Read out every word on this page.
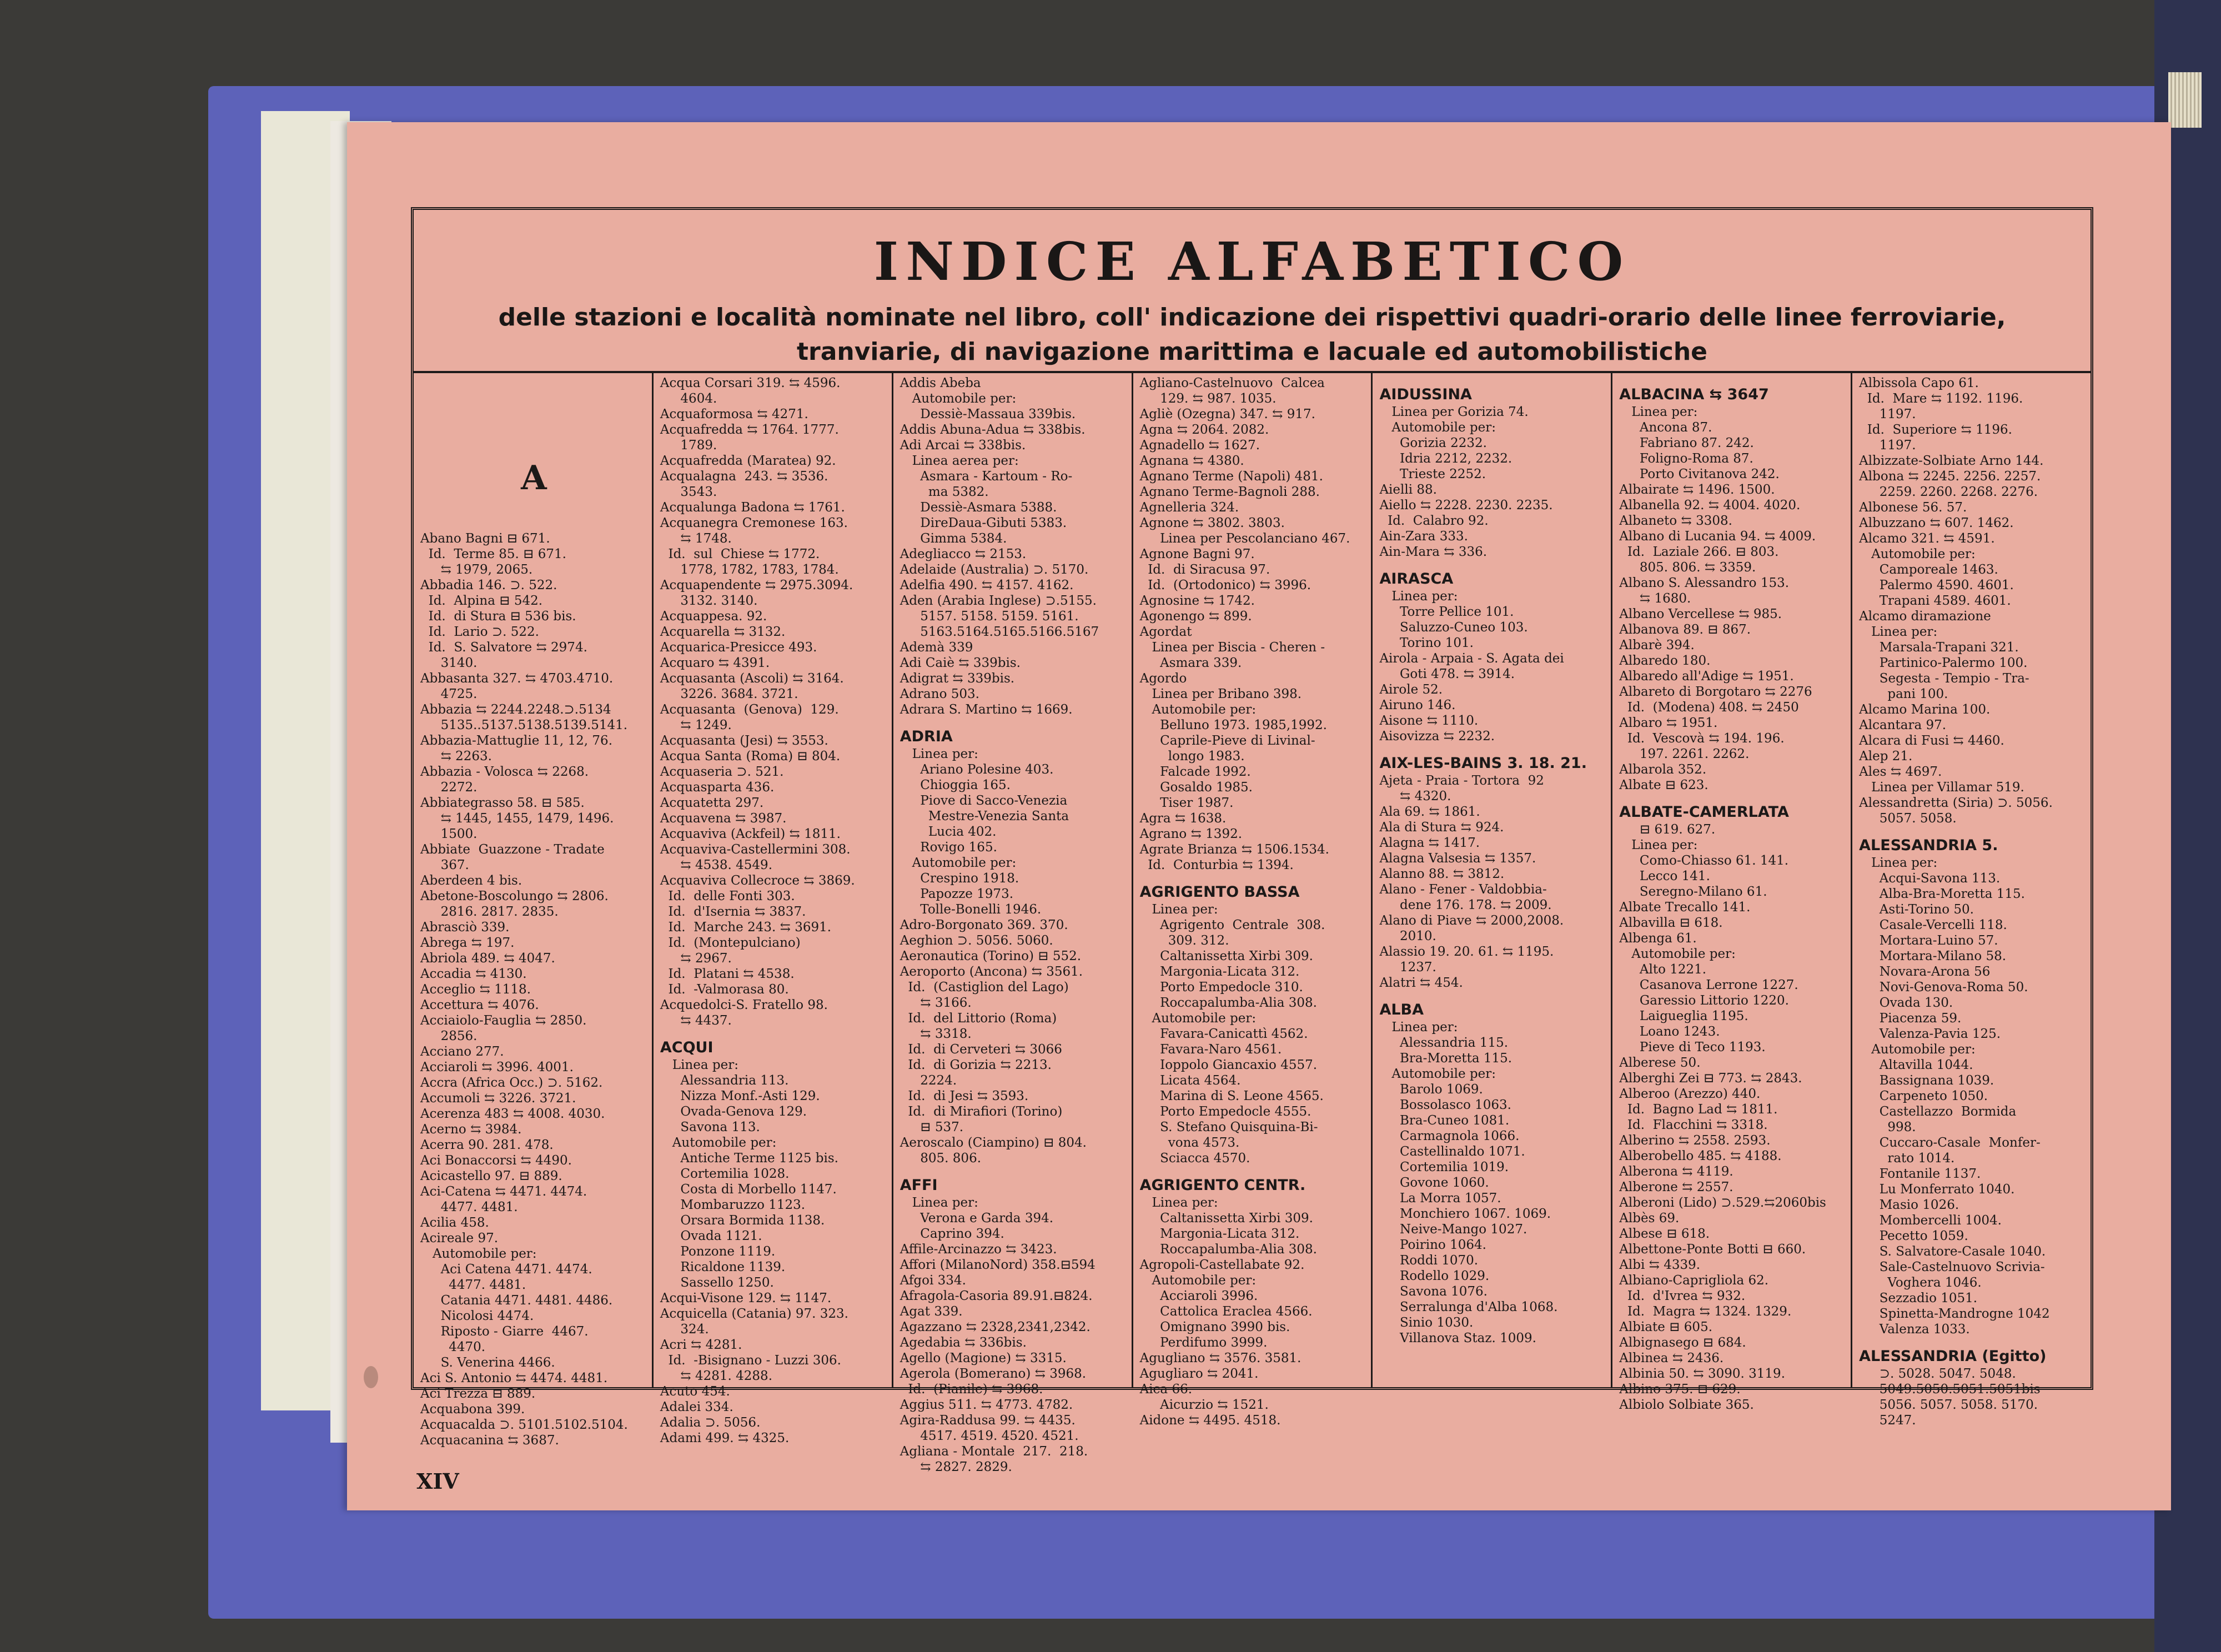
INDICE ALFABETICO
delle stazioni e località nominate nel libro, coll' indicazione dei rispettivi quadri-orario delle linee ferroviarie,
tranviarie, di navigazione marittima e lacuale ed automobilistiche

A

Abano Bagni ⊟ 671.

Id.  Terme 85. ⊟ 671.

⇆ 1979, 2065.

Abbadia 146. ⊃. 522.

Id.  Alpina ⊟ 542.

Id.  di Stura ⊟ 536 bis.

Id.  Lario ⊃. 522.

Id.  S. Salvatore ⇆ 2974.

3140.

Abbasanta 327. ⇆ 4703.4710.

4725.

Abbazia ⇆ 2244.2248.⊃.5134

5135..5137.5138.5139.5141.

Abbazia-Mattuglie 11, 12, 76.

⇆ 2263.

Abbazia - Volosca ⇆ 2268.

2272.

Abbiategrasso 58. ⊟ 585.

⇆ 1445, 1455, 1479, 1496.

1500.

Abbiate  Guazzone - Tradate

367.

Aberdeen 4 bis.

Abetone-Boscolungo ⇆ 2806.

2816. 2817. 2835.

Abrasciò 339.

Abrega ⇆ 197.

Abriola 489. ⇆ 4047.

Accadia ⇆ 4130.

Acceglio ⇆ 1118.

Accettura ⇆ 4076.

Acciaiolo-Fauglia ⇆ 2850.

2856.

Acciano 277.

Acciaroli ⇆ 3996. 4001.

Accra (Africa Occ.) ⊃. 5162.

Accumoli ⇆ 3226. 3721.

Acerenza 483 ⇆ 4008. 4030.

Acerno ⇆ 3984.

Acerra 90. 281. 478.

Aci Bonaccorsi ⇆ 4490.

Acicastello 97. ⊟ 889.

Aci-Catena ⇆ 4471. 4474.

4477. 4481.

Acilia 458.

Acireale 97.

Automobile per:

Aci Catena 4471. 4474.

4477. 4481.

Catania 4471. 4481. 4486.

Nicolosi 4474.

Riposto - Giarre  4467.

4470.

S. Venerina 4466.

Aci S. Antonio ⇆ 4474. 4481.

Aci Trezza ⊟ 889.

Acquabona 399.

Acquacalda ⊃. 5101.5102.5104.

Acquacanina ⇆ 3687.

Acqua Corsari 319. ⇆ 4596.

4604.

Acquaformosa ⇆ 4271.

Acquafredda ⇆ 1764. 1777.

1789.

Acquafredda (Maratea) 92.

Acqualagna  243. ⇆ 3536.

3543.

Acqualunga Badona ⇆ 1761.

Acquanegra Cremonese 163.

⇆ 1748.

Id.  sul  Chiese ⇆ 1772.

1778, 1782, 1783, 1784.

Acquapendente ⇆ 2975.3094.

3132. 3140.

Acquappesa. 92.

Acquarella ⇆ 3132.

Acquarica-Presicce 493.

Acquaro ⇆ 4391.

Acquasanta (Ascoli) ⇆ 3164.

3226. 3684. 3721.

Acquasanta  (Genova)  129.

⇆ 1249.

Acquasanta (Jesi) ⇆ 3553.

Acqua Santa (Roma) ⊟ 804.

Acquaseria ⊃. 521.

Acquasparta 436.

Acquatetta 297.

Acquavena ⇆ 3987.

Acquaviva (Ackfeil) ⇆ 1811.

Acquaviva-Castellermini 308.

⇆ 4538. 4549.

Acquaviva Collecroce ⇆ 3869.

Id.  delle Fonti 303.

Id.  d'Isernia ⇆ 3837.

Id.  Marche 243. ⇆ 3691.

Id.  (Montepulciano)

⇆ 2967.

Id.  Platani ⇆ 4538.

Id.  -Valmorasa 80.

Acquedolci-S. Fratello 98.

⇆ 4437.

ACQUI

Linea per:

Alessandria 113.

Nizza Monf.-Asti 129.

Ovada-Genova 129.

Savona 113.

Automobile per:

Antiche Terme 1125 bis.

Cortemilia 1028.

Costa di Morbello 1147.

Mombaruzzo 1123.

Orsara Bormida 1138.

Ovada 1121.

Ponzone 1119.

Ricaldone 1139.

Sassello 1250.

Acqui-Visone 129. ⇆ 1147.

Acquicella (Catania) 97. 323.

324.

Acri ⇆ 4281.

Id.  -Bisignano - Luzzi 306.

⇆ 4281. 4288.

Acuto 454.

Adalei 334.

Adalia ⊃. 5056.

Adami 499. ⇆ 4325.

Addis Abeba

Automobile per:

Dessiè-Massaua 339bis.

Addis Abuna-Adua ⇆ 338bis.

Adi Arcai ⇆ 338bis.

Linea aerea per:

Asmara - Kartoum - Ro-

ma 5382.

Dessiè-Asmara 5388.

DireDaua-Gibuti 5383.

Gimma 5384.

Adegliacco ⇆ 2153.

Adelaide (Australia) ⊃. 5170.

Adelfia 490. ⇆ 4157. 4162.

Aden (Arabia Inglese) ⊃.5155.

5157. 5158. 5159. 5161.

5163.5164.5165.5166.5167

Ademà 339

Adi Caiè ⇆ 339bis.

Adigrat ⇆ 339bis.

Adrano 503.

Adrara S. Martino ⇆ 1669.

ADRIA

Linea per:

Ariano Polesine 403.

Chioggia 165.

Piove di Sacco-Venezia

Mestre-Venezia Santa

Lucia 402.

Rovigo 165.

Automobile per:

Crespino 1918.

Papozze 1973.

Tolle-Bonelli 1946.

Adro-Borgonato 369. 370.

Aeghion ⊃. 5056. 5060.

Aeronautica (Torino) ⊟ 552.

Aeroporto (Ancona) ⇆ 3561.

Id.  (Castiglion del Lago)

⇆ 3166.

Id.  del Littorio (Roma)

⇆ 3318.

Id.  di Cerveteri ⇆ 3066

Id.  di Gorizia ⇆ 2213.

2224.

Id.  di Jesi ⇆ 3593.

Id.  di Mirafiori (Torino)

⊟ 537.

Aeroscalo (Ciampino) ⊟ 804.

805. 806.

AFFI

Linea per:

Verona e Garda 394.

Caprino 394.

Affile-Arcinazzo ⇆ 3423.

Affori (MilanoNord) 358.⊟594

Afgoi 334.

Afragola-Casoria 89.91.⊟824.

Agat 339.

Agazzano ⇆ 2328,2341,2342.

Agedabia ⇆ 336bis.

Agello (Magione) ⇆ 3315.

Agerola (Bomerano) ⇆ 3968.

Id.  (Pianile) ⇆ 3968.

Aggius 511. ⇆ 4773. 4782.

Agira-Raddusa 99. ⇆ 4435.

4517. 4519. 4520. 4521.

Agliana - Montale  217.  218.

⇆ 2827. 2829.

Agliano-Castelnuovo  Calcea

129. ⇆ 987. 1035.

Agliè (Ozegna) 347. ⇆ 917.

Agna ⇆ 2064. 2082.

Agnadello ⇆ 1627.

Agnana ⇆ 4380.

Agnano Terme (Napoli) 481.

Agnano Terme-Bagnoli 288.

Agnelleria 324.

Agnone ⇆ 3802. 3803.

Linea per Pescolanciano 467.

Agnone Bagni 97.

Id.  di Siracusa 97.

Id.  (Ortodonico) ⇆ 3996.

Agnosine ⇆ 1742.

Agonengo ⇆ 899.

Agordat

Linea per Biscia - Cheren -

Asmara 339.

Agordo

Linea per Bribano 398.

Automobile per:

Belluno 1973. 1985,1992.

Caprile-Pieve di Livinal-

longo 1983.

Falcade 1992.

Gosaldo 1985.

Tiser 1987.

Agra ⇆ 1638.

Agrano ⇆ 1392.

Agrate Brianza ⇆ 1506.1534.

Id.  Conturbia ⇆ 1394.

AGRIGENTO BASSA

Linea per:

Agrigento  Centrale  308.

309. 312.

Caltanissetta Xirbi 309.

Margonia-Licata 312.

Porto Empedocle 310.

Roccapalumba-Alia 308.

Automobile per:

Favara-Canicattì 4562.

Favara-Naro 4561.

Ioppolo Giancaxio 4557.

Licata 4564.

Marina di S. Leone 4565.

Porto Empedocle 4555.

S. Stefano Quisquina-Bi-

vona 4573.

Sciacca 4570.

AGRIGENTO CENTR.

Linea per:

Caltanissetta Xirbi 309.

Margonia-Licata 312.

Roccapalumba-Alia 308.

Agropoli-Castellabate 92.

Automobile per:

Acciaroli 3996.

Cattolica Eraclea 4566.

Omignano 3990 bis.

Perdifumo 3999.

Agugliano ⇆ 3576. 3581.

Agugliaro ⇆ 2041.

Aica 66.

Aicurzio ⇆ 1521.

Aidone ⇆ 4495. 4518.

AIDUSSINA

Linea per Gorizia 74.

Automobile per:

Gorizia 2232.

Idria 2212, 2232.

Trieste 2252.

Aielli 88.

Aiello ⇆ 2228. 2230. 2235.

Id.  Calabro 92.

Ain-Zara 333.

Ain-Mara ⇆ 336.

AIRASCA

Linea per:

Torre Pellice 101.

Saluzzo-Cuneo 103.

Torino 101.

Airola - Arpaia - S. Agata dei

Goti 478. ⇆ 3914.

Airole 52.

Airuno 146.

Aisone ⇆ 1110.

Aisovizza ⇆ 2232.

AIX-LES-BAINS 3. 18. 21.

Ajeta - Praia - Tortora  92

⇆ 4320.

Ala 69. ⇆ 1861.

Ala di Stura ⇆ 924.

Alagna ⇆ 1417.

Alagna Valsesia ⇆ 1357.

Alanno 88. ⇆ 3812.

Alano - Fener - Valdobbia-

dene 176. 178. ⇆ 2009.

Alano di Piave ⇆ 2000,2008.

2010.

Alassio 19. 20. 61. ⇆ 1195.

1237.

Alatri ⇆ 454.

ALBA

Linea per:

Alessandria 115.

Bra-Moretta 115.

Automobile per:

Barolo 1069.

Bossolasco 1063.

Bra-Cuneo 1081.

Carmagnola 1066.

Castellinaldo 1071.

Cortemilia 1019.

Govone 1060.

La Morra 1057.

Monchiero 1067. 1069.

Neive-Mango 1027.

Poirino 1064.

Roddi 1070.

Rodello 1029.

Savona 1076.

Serralunga d'Alba 1068.

Sinio 1030.

Villanova Staz. 1009.

ALBACINA ⇆ 3647

Linea per:

Ancona 87.

Fabriano 87. 242.

Foligno-Roma 87.

Porto Civitanova 242.

Albairate ⇆ 1496. 1500.

Albanella 92. ⇆ 4004. 4020.

Albaneto ⇆ 3308.

Albano di Lucania 94. ⇆ 4009.

Id.  Laziale 266. ⊟ 803.

805. 806. ⇆ 3359.

Albano S. Alessandro 153.

⇆ 1680.

Albano Vercellese ⇆ 985.

Albanova 89. ⊟ 867.

Albarè 394.

Albaredo 180.

Albaredo all'Adige ⇆ 1951.

Albareto di Borgotaro ⇆ 2276

Id.  (Modena) 408. ⇆ 2450

Albaro ⇆ 1951.

Id.  Vescovà ⇆ 194. 196.

197. 2261. 2262.

Albarola 352.

Albate ⊟ 623.

ALBATE-CAMERLATA

⊟ 619. 627.

Linea per:

Como-Chiasso 61. 141.

Lecco 141.

Seregno-Milano 61.

Albate Trecallo 141.

Albavilla ⊟ 618.

Albenga 61.

Automobile per:

Alto 1221.

Casanova Lerrone 1227.

Garessio Littorio 1220.

Laigueglia 1195.

Loano 1243.

Pieve di Teco 1193.

Alberese 50.

Alberghi Zei ⊟ 773. ⇆ 2843.

Alberoo (Arezzo) 440.

Id.  Bagno Lad ⇆ 1811.

Id.  Flacchini ⇆ 3318.

Alberino ⇆ 2558. 2593.

Alberobello 485. ⇆ 4188.

Alberona ⇆ 4119.

Alberone ⇆ 2557.

Alberoni (Lido) ⊃.529.⇆2060bis

Albès 69.

Albese ⊟ 618.

Albettone-Ponte Botti ⊟ 660.

Albi ⇆ 4339.

Albiano-Caprigliola 62.

Id.  d'Ivrea ⇆ 932.

Id.  Magra ⇆ 1324. 1329.

Albiate ⊟ 605.

Albignasego ⊟ 684.

Albinea ⇆ 2436.

Albinia 50. ⇆ 3090. 3119.

Albino 375. ⊟ 629.

Albiolo Solbiate 365.

Albissola Capo 61.

Id.  Mare ⇆ 1192. 1196.

1197.

Id.  Superiore ⇆ 1196.

1197.

Albizzate-Solbiate Arno 144.

Albona ⇆ 2245. 2256. 2257.

2259. 2260. 2268. 2276.

Albonese 56. 57.

Albuzzano ⇆ 607. 1462.

Alcamo 321. ⇆ 4591.

Automobile per:

Camporeale 1463.

Palermo 4590. 4601.

Trapani 4589. 4601.

Alcamo diramazione

Linea per:

Marsala-Trapani 321.

Partinico-Palermo 100.

Segesta - Tempio - Tra-

pani 100.

Alcamo Marina 100.

Alcantara 97.

Alcara di Fusi ⇆ 4460.

Alep 21.

Ales ⇆ 4697.

Linea per Villamar 519.

Alessandretta (Siria) ⊃. 5056.

5057. 5058.

ALESSANDRIA 5.

Linea per:

Acqui-Savona 113.

Alba-Bra-Moretta 115.

Asti-Torino 50.

Casale-Vercelli 118.

Mortara-Luino 57.

Mortara-Milano 58.

Novara-Arona 56

Novi-Genova-Roma 50.

Ovada 130.

Piacenza 59.

Valenza-Pavia 125.

Automobile per:

Altavilla 1044.

Bassignana 1039.

Carpeneto 1050.

Castellazzo  Bormida

998.

Cuccaro-Casale  Monfer-

rato 1014.

Fontanile 1137.

Lu Monferrato 1040.

Masio 1026.

Mombercelli 1004.

Pecetto 1059.

S. Salvatore-Casale 1040.

Sale-Castelnuovo Scrivia-

Voghera 1046.

Sezzadio 1051.

Spinetta-Mandrogne 1042

Valenza 1033.

ALESSANDRIA (Egitto)

⊃. 5028. 5047. 5048.

5049.5050.5051.5051bis

5056. 5057. 5058. 5170.

5247.

XIV
